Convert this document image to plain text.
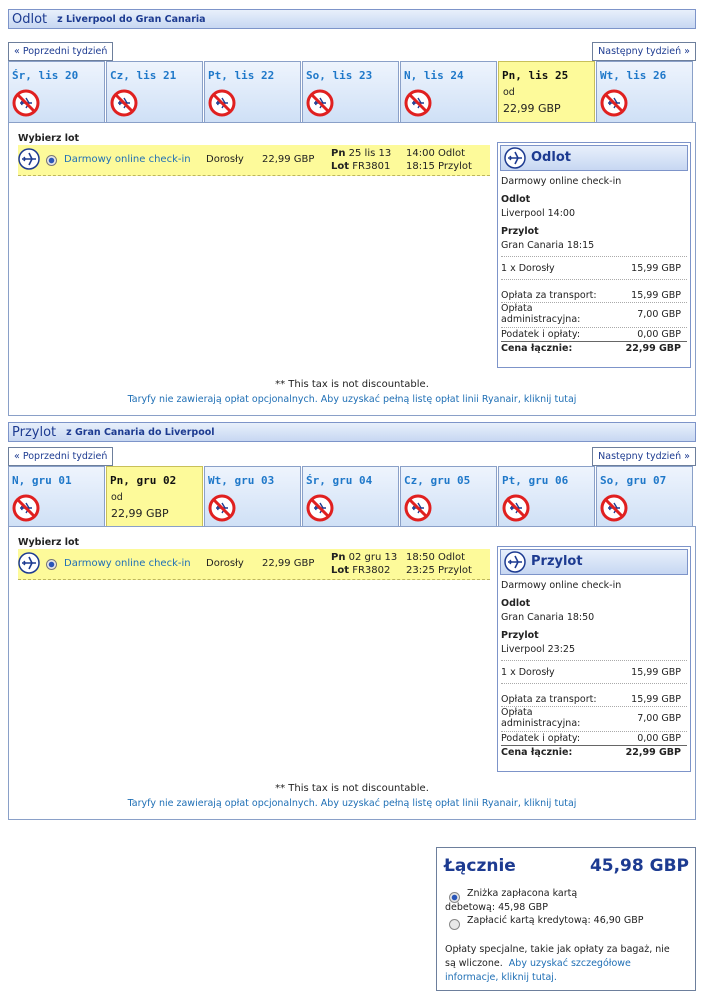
Odlot z Liverpool do Gran Canaria
« Poprzedni tydzień	Następny tydzień »
Śr, lis 20	Cz, lis 21	Pt, lis 22	So, lis 23	N, lis 24	Pn, lis 25
od
22,99 GBP
Wt, lis 26
Wybierz lot
Darmowy online check-in Dorosły 22,99 GBP
Pn 25 lis 13
Lot FR3801
14:00 Odlot
18:15 Przylot
Odlot
Darmowy online check-in
Odlot
Liverpool 14:00
Przylot
Gran Canaria 18:15
1 x Dorosły	15,99 GBP
Opłata za transport:	15,99 GBP
Opłata
administracyjna:	7,00 GBP
Podatek i opłaty:	0,00 GBP
Cena łącznie:	22,99 GBP
** This tax is not discountable.
Taryfy nie zawierają opłat opcjonalnych. Aby uzyskać pełną listę opłat linii Ryanair, kliknij tutaj
Przylot z Gran Canaria do Liverpool
« Poprzedni tydzień	Następny tydzień »
N, gru 01	Pn, gru 02
od
22,99 GBP
Wt, gru 03	Śr, gru 04	Cz, gru 05	Pt, gru 06	So, gru 07
Wybierz lot
Darmowy online check-in Dorosły 22,99 GBP
Pn 02 gru 13
Lot FR3802
18:50 Odlot
23:25 Przylot
Przylot
Darmowy online check-in
Odlot
Gran Canaria 18:50
Przylot
Liverpool 23:25
1 x Dorosły	15,99 GBP
Opłata za transport:	15,99 GBP
Opłata
administracyjna:	7,00 GBP
Podatek i opłaty:	0,00 GBP
Cena łącznie:	22,99 GBP
** This tax is not discountable.
Taryfy nie zawierają opłat opcjonalnych. Aby uzyskać pełną listę opłat linii Ryanair, kliknij tutaj
Łącznie	45,98 GBP
Zniżka zapłacona kartą
debetową: 45,98 GBP
Zapłacić kartą kredytową: 46,90 GBP
Opłaty specjalne, takie jak opłaty za bagaż, nie
są wliczone. Aby uzyskać szczegółowe
informacje, kliknij tutaj.
